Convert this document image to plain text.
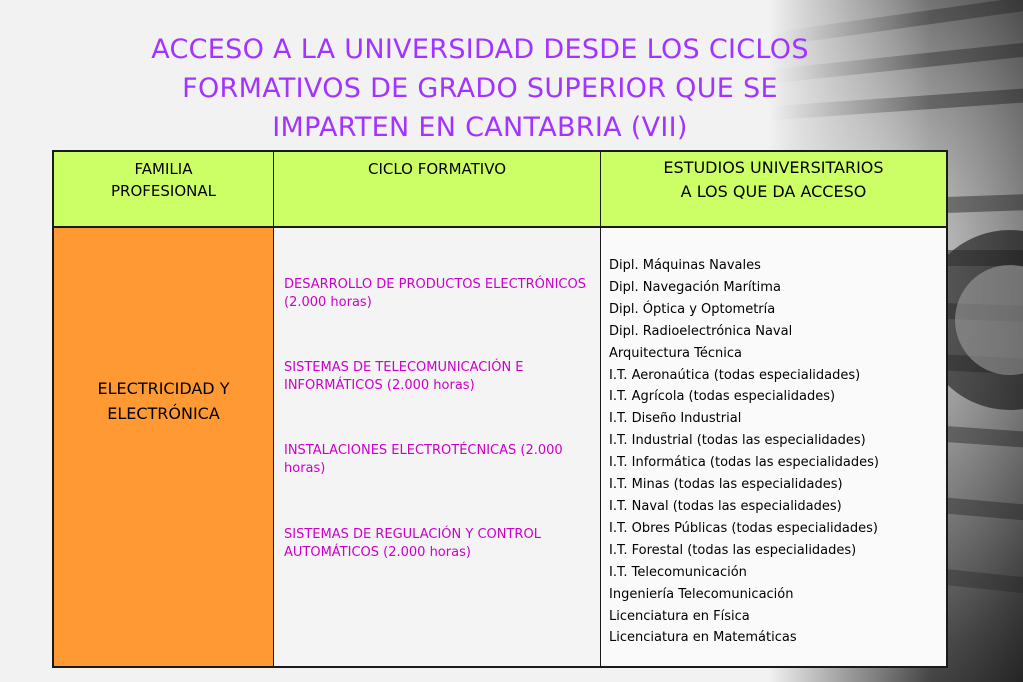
ACCESO A LA UNIVERSIDAD DESDE LOS CICLOS
FORMATIVOS DE GRADO SUPERIOR QUE SE
IMPARTEN EN CANTABRIA (VII)
FAMILIA
PROFESIONAL
CICLO FORMATIVO	ESTUDIOS UNIVERSITARIOS
A LOS QUE DA ACCESO
ELECTRICIDAD Y
ELECTRÓNICA
DESARROLLO DE PRODUCTOS ELECTRÓNICOS (2.000 horas)
SISTEMAS DE TELECOMUNICACIÓN E INFORMÁTICOS (2.000 horas)
INSTALACIONES ELECTROTÉCNICAS (2.000 horas)
SISTEMAS DE REGULACIÓN Y CONTROL AUTOMÁTICOS (2.000 horas)
Dipl. Máquinas Navales
Dipl. Navegación Marítima
Dipl. Óptica y Optometría
Dipl. Radioelectrónica Naval
Arquitectura Técnica
I.T. Aeronaútica (todas especialidades)
I.T. Agrícola (todas especialidades)
I.T. Diseño Industrial
I.T. Industrial (todas las especialidades)
I.T. Informática (todas las especialidades)
I.T. Minas (todas las especialidades)
I.T. Naval (todas las especialidades)
I.T. Obres Públicas (todas especialidades)
I.T. Forestal (todas las especialidades)
I.T. Telecomunicación
Ingeniería Telecomunicación
Licenciatura en Física
Licenciatura en Matemáticas
